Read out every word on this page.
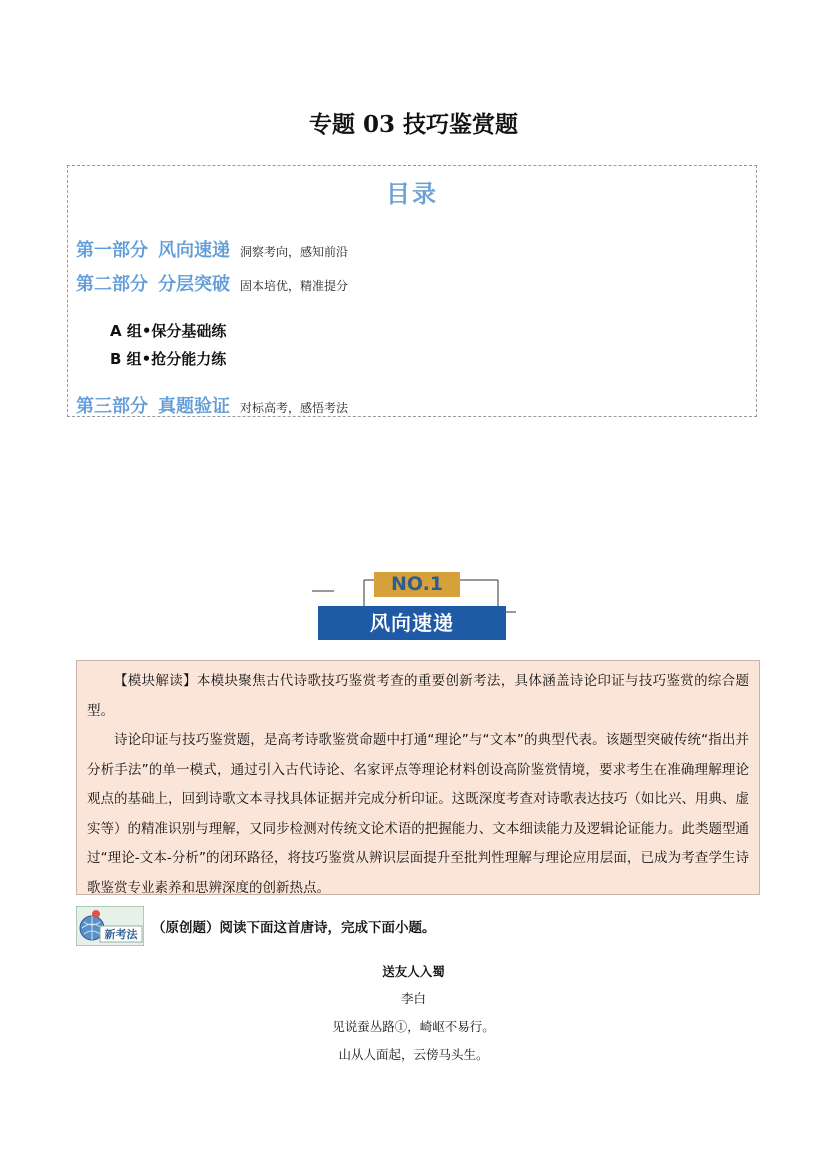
专题 03 技巧鉴赏题
目录
第一部分 风向速递 洞察考向，感知前沿
第二部分 分层突破 固本培优，精准提分
A 组•保分基础练
B 组•抢分能力练
第三部分 真题验证 对标高考，感悟考法
NO.1
风向速递

【模块解读】本模块聚焦古代诗歌技巧鉴赏考查的重要创新考法，具体涵盖诗论印证与技巧鉴赏的综合题型。

诗论印证与技巧鉴赏题，是高考诗歌鉴赏命题中打通“理论”与“文本”的典型代表。该题型突破传统“指出并分析手法”的单一模式，通过引入古代诗论、名家评点等理论材料创设高阶鉴赏情境，要求考生在准确理解理论观点的基础上，回到诗歌文本寻找具体证据并完成分析印证。这既深度考查对诗歌表达技巧（如比兴、用典、虚实等）的精准识别与理解，又同步检测对传统文论术语的把握能力、文本细读能力及逻辑论证能力。此类题型通过“理论-文本-分析”的闭环路径，将技巧鉴赏从辨识层面提升至批判性理解与理论应用层面，已成为考查学生诗歌鉴赏专业素养和思辨深度的创新热点。

新考法 （原创题）阅读下面这首唐诗，完成下面小题。
送友人入蜀
李白
见说蚕丛路①，崎岖不易行。
山从人面起，云傍马头生。
